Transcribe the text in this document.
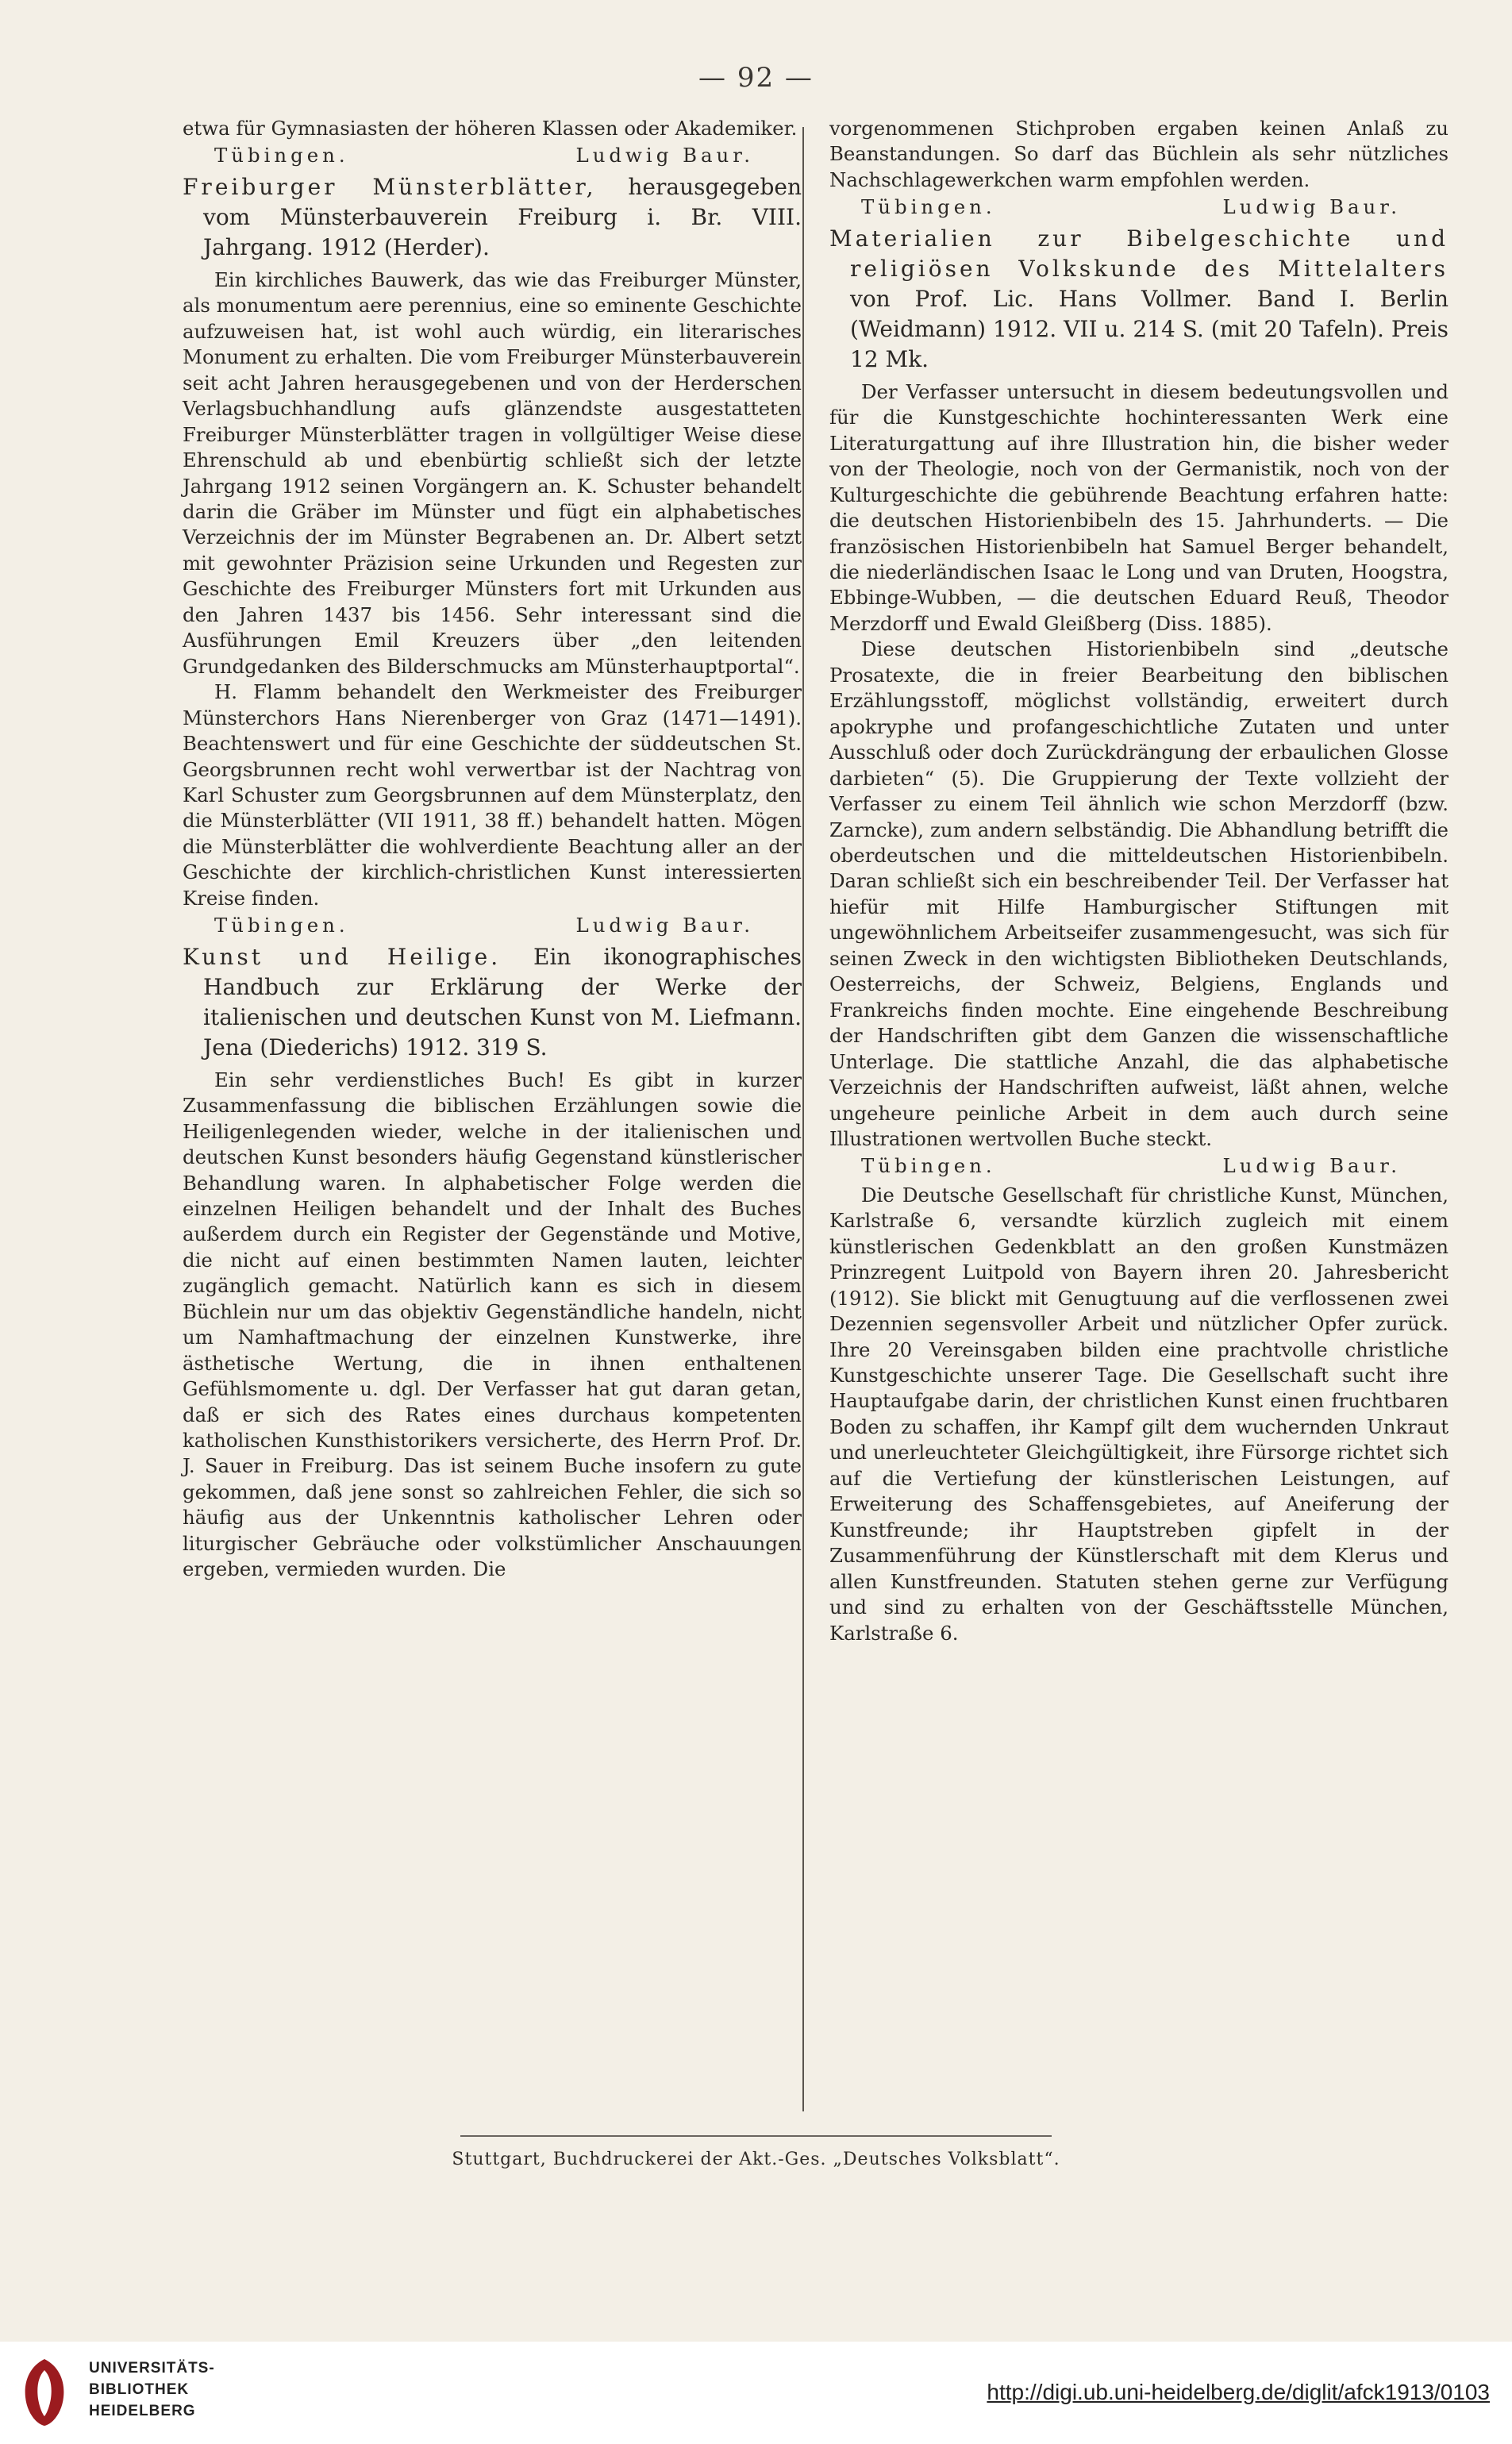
— 92 —

etwa für Gymnasiasten der höheren Klassen oder Akademiker.

Tübingen.	Ludwig Baur.
Freiburger Münsterblätter, herausgegeben vom Münsterbauverein Freiburg i. Br. VIII. Jahrgang. 1912 (Herder).

Ein kirchliches Bauwerk, das wie das Freiburger Münster, als monumentum aere perennius, eine so eminente Geschichte aufzuweisen hat, ist wohl auch würdig, ein literarisches Monument zu erhalten. Die vom Freiburger Münsterbauverein seit acht Jahren herausgegebenen und von der Herderschen Verlagsbuchhandlung aufs glänzendste ausgestatteten Freiburger Münsterblätter tragen in vollgültiger Weise diese Ehrenschuld ab und ebenbürtig schließt sich der letzte Jahrgang 1912 seinen Vorgängern an. K. Schuster behandelt darin die Gräber im Münster und fügt ein alphabetisches Verzeichnis der im Münster Begrabenen an. Dr. Albert setzt mit gewohnter Präzision seine Urkunden und Regesten zur Geschichte des Freiburger Münsters fort mit Urkunden aus den Jahren 1437 bis 1456. Sehr interessant sind die Ausführungen Emil Kreuzers über „den leitenden Grundgedanken des Bilderschmucks am Münsterhauptportal“.

H. Flamm behandelt den Werkmeister des Freiburger Münsterchors Hans Nierenberger von Graz (1471—1491). Beachtenswert und für eine Geschichte der süddeutschen St. Georgsbrunnen recht wohl verwertbar ist der Nachtrag von Karl Schuster zum Georgsbrunnen auf dem Münsterplatz, den die Münsterblätter (VII 1911, 38 ff.) behandelt hatten. Mögen die Münsterblätter die wohlverdiente Beachtung aller an der Geschichte der kirchlich-christlichen Kunst interessierten Kreise finden.

Tübingen.	Ludwig Baur.
Kunst und Heilige. Ein ikonographisches Handbuch zur Erklärung der Werke der italienischen und deutschen Kunst von M. Liefmann. Jena (Diederichs) 1912. 319 S.

Ein sehr verdienstliches Buch! Es gibt in kurzer Zusammenfassung die biblischen Erzählungen sowie die Heiligenlegenden wieder, welche in der italienischen und deutschen Kunst besonders häufig Gegenstand künstlerischer Behandlung waren. In alphabetischer Folge werden die einzelnen Heiligen behandelt und der Inhalt des Buches außerdem durch ein Register der Gegenstände und Motive, die nicht auf einen bestimmten Namen lauten, leichter zugänglich gemacht. Natürlich kann es sich in diesem Büchlein nur um das objektiv Gegenständliche handeln, nicht um Namhaftmachung der einzelnen Kunstwerke, ihre ästhetische Wertung, die in ihnen enthaltenen Gefühlsmomente u. dgl. Der Verfasser hat gut daran getan, daß er sich des Rates eines durchaus kompetenten katholischen Kunsthistorikers versicherte, des Herrn Prof. Dr. J. Sauer in Freiburg. Das ist seinem Buche insofern zu gute gekommen, daß jene sonst so zahlreichen Fehler, die sich so häufig aus der Unkenntnis katholischer Lehren oder liturgischer Gebräuche oder volkstümlicher Anschauungen ergeben, vermieden wurden. Die

vorgenommenen Stichproben ergaben keinen Anlaß zu Beanstandungen. So darf das Büchlein als sehr nützliches Nachschlagewerkchen warm empfohlen werden.

Tübingen.	Ludwig Baur.
Materialien zur Bibelgeschichte und religiösen Volkskunde des Mittelalters von Prof. Lic. Hans Vollmer. Band I. Berlin (Weidmann) 1912. VII u. 214 S. (mit 20 Tafeln). Preis 12 Mk.

Der Verfasser untersucht in diesem bedeutungsvollen und für die Kunstgeschichte hochinteressanten Werk eine Literaturgattung auf ihre Illustration hin, die bisher weder von der Theologie, noch von der Germanistik, noch von der Kulturgeschichte die gebührende Beachtung erfahren hatte: die deutschen Historienbibeln des 15. Jahrhunderts. — Die französischen Historienbibeln hat Samuel Berger behandelt, die niederländischen Isaac le Long und van Druten, Hoogstra, Ebbinge-Wubben, — die deutschen Eduard Reuß, Theodor Merzdorff und Ewald Gleißberg (Diss. 1885).

Diese deutschen Historienbibeln sind „deutsche Prosatexte, die in freier Bearbeitung den biblischen Erzählungsstoff, möglichst vollständig, erweitert durch apokryphe und profangeschichtliche Zutaten und unter Ausschluß oder doch Zurückdrängung der erbaulichen Glosse darbieten“ (5). Die Gruppierung der Texte vollzieht der Verfasser zu einem Teil ähnlich wie schon Merzdorff (bzw. Zarncke), zum andern selbständig. Die Abhandlung betrifft die oberdeutschen und die mitteldeutschen Historienbibeln. Daran schließt sich ein beschreibender Teil. Der Verfasser hat hiefür mit Hilfe Hamburgischer Stiftungen mit ungewöhnlichem Arbeitseifer zusammengesucht, was sich für seinen Zweck in den wichtigsten Bibliotheken Deutschlands, Oesterreichs, der Schweiz, Belgiens, Englands und Frankreichs finden mochte. Eine eingehende Beschreibung der Handschriften gibt dem Ganzen die wissenschaftliche Unterlage. Die stattliche Anzahl, die das alphabetische Verzeichnis der Handschriften aufweist, läßt ahnen, welche ungeheure peinliche Arbeit in dem auch durch seine Illustrationen wertvollen Buche steckt.

Tübingen.	Ludwig Baur.

Die Deutsche Gesellschaft für christliche Kunst, München, Karlstraße 6, versandte kürzlich zugleich mit einem künstlerischen Gedenkblatt an den großen Kunstmäzen Prinzregent Luitpold von Bayern ihren 20. Jahresbericht (1912). Sie blickt mit Genugtuung auf die verflossenen zwei Dezennien segensvoller Arbeit und nützlicher Opfer zurück. Ihre 20 Vereinsgaben bilden eine prachtvolle christliche Kunstgeschichte unserer Tage. Die Gesellschaft sucht ihre Hauptaufgabe darin, der christlichen Kunst einen fruchtbaren Boden zu schaffen, ihr Kampf gilt dem wuchernden Unkraut und unerleuchteter Gleichgültigkeit, ihre Fürsorge richtet sich auf die Vertiefung der künstlerischen Leistungen, auf Erweiterung des Schaffensgebietes, auf Aneiferung der Kunstfreunde; ihr Hauptstreben gipfelt in der Zusammenführung der Künstlerschaft mit dem Klerus und allen Kunstfreunden. Statuten stehen gerne zur Verfügung und sind zu erhalten von der Geschäftsstelle München, Karlstraße 6.

Stuttgart, Buchdruckerei der Akt.-Ges. „Deutsches Volksblatt“.
UNIVERSITÄTS-
BIBLIOTHEK
HEIDELBERG
http://digi.ub.uni-heidelberg.de/diglit/afck1913/0103
